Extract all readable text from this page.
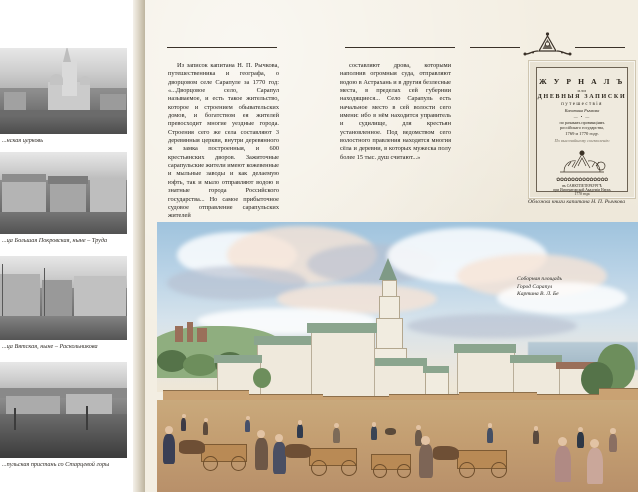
...нская церковь
...ца Большая Покровская, ныне – Труда
...ца Вятская, ныне – Раскольникова
...пульская пристань со Старцевой горы

Из записок капитана Н. П. Рычкова, путешественника и географа, о дворцовом селе Сарапуле за 1770 год: «...Дворцовое село, Сарапул называемое, и есть такое жительство, которое и строением обывательских домов, и богатством ея жителей превосходит многие уездные города. Строения сего же села составляют 3 деревянныя церкви, внутри деревянного ж замка построенныя, и 600 крестьянских дворов. Зажиточные сарапульские жители имеют кожевенные и мыльные заводы и как делаемую юфть, так и мыло отправляют водою в знатные города Российского государства... Но самое прибыточное судовое отправление сарапульских жителей

составляют дрова, которыми наполнив огромныя суда, отправляют водою в Астрахань и в другия безлесные места, в пределах сей губернии находящиеся... Село Сарапуль есть начальное место в ceй волости сего имени: ибо в нём находится управитель и судилище, для крестьян установленное. Под ведомством сего волостного правления находятся многия сёла и деревни, в которых мужеска полу более 15 тыс. душ считают...»

Ж У Р Н А Л Ъ
или
ДНЕВНЫЯ ЗАПИСКИ
путешествiя
Капитана Рычкова
— • —
по разнымъ провинцiямъ
россiйскаго государства,
1769 и 1770 году.
По высочайшему соизволенiю
✿✿✿✿✿✿✿✿✿✿✿✿✿✿
въ САНКТПЕТЕРБУРГѢ
при Императорской Академiи Наукъ
1770 года
Обложка книги капитана Н. П. Рычкова
Соборная площадь
Город Сарапул
Картина В. Л. Бе
